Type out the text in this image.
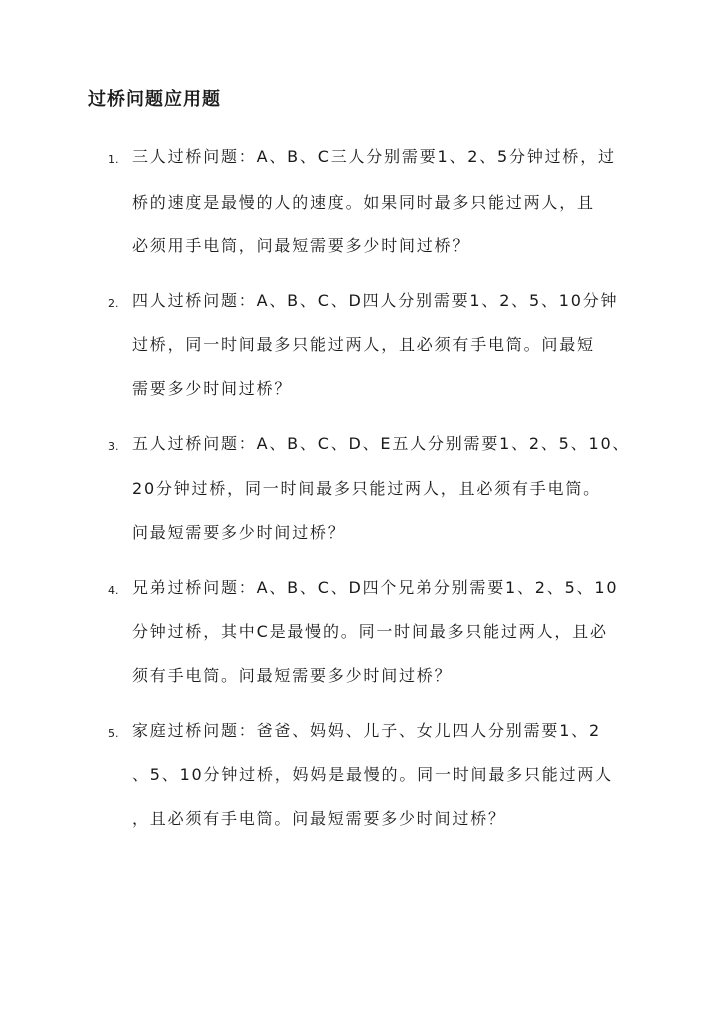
过桥问题应用题
1. 三人过桥问题：A、B、C三人分别需要1、2、5分钟过桥，过
桥的速度是最慢的人的速度。如果同时最多只能过两人，且
必须用手电筒，问最短需要多少时间过桥？
2. 四人过桥问题：A、B、C、D四人分别需要1、2、5、10分钟
过桥，同一时间最多只能过两人，且必须有手电筒。问最短
需要多少时间过桥？
3. 五人过桥问题：A、B、C、D、E五人分别需要1、2、5、10、
20分钟过桥，同一时间最多只能过两人，且必须有手电筒。
问最短需要多少时间过桥？
4. 兄弟过桥问题：A、B、C、D四个兄弟分别需要1、2、5、10
分钟过桥，其中C是最慢的。同一时间最多只能过两人，且必
须有手电筒。问最短需要多少时间过桥？
5. 家庭过桥问题：爸爸、妈妈、儿子、女儿四人分别需要1、2
、5、10分钟过桥，妈妈是最慢的。同一时间最多只能过两人
，且必须有手电筒。问最短需要多少时间过桥？
